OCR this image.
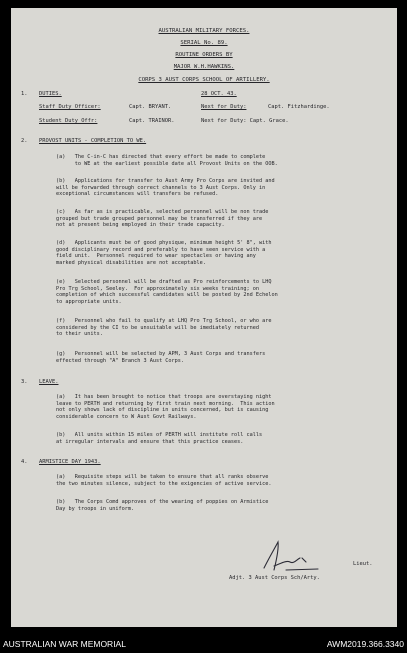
AUSTRALIAN MILITARY FORCES.
SERIAL No. 89.
ROUTINE ORDERS BY
MAJOR W.H.HAWKINS.
CORPS 3 AUST CORPS SCHOOL OF ARTILLERY.
1. DUTIES.	28 OCT. 43.
Staff Duty Officer:	Capt. BRYANT.	Next for Duty:	Capt. Fitzhardinge.
Student Duty Offr:	Capt. TRAINOR.	Next for Duty: Capt. Grace.
2. PROVOST UNITS - COMPLETION TO WE.
(a)   The C-in-C has directed that every effort be made to complete
to WE at the earliest possible date all Provost Units on the OOB.
(b)   Applications for transfer to Aust Army Pro Corps are invited and
will be forwarded through correct channels to 3 Aust Corps. Only in
exceptional circumstances will transfers be refused.
(c)   As far as is practicable, selected personnel will be non trade
grouped but trade grouped personnel may be transferred if they are
not at present being employed in their trade capacity.
(d)   Applicants must be of good physique, minimum height 5' 8", with
good disciplinary record and preferably to have seen service with a
field unit.  Personnel required to wear spectacles or having any
marked physical disabilities are not acceptable.
(e)   Selected personnel will be drafted as Pro reinforcements to LHQ
Pro Trg School, Seeley.  For approximately six weeks training; on
completion of which successful candidates will be posted by 2nd Echelon
to appropriate units.
(f)   Personnel who fail to qualify at LHQ Pro Trg School, or who are
considered by the CI to be unsuitable will be imediately returned
to their units.
(g)   Personnel will be selected by APM, 3 Aust Corps and transfers
effected through "A" Branch 3 Aust Corps.
3. LEAVE.
(a)   It has been brought to notice that troops are overstaying night
leave to PERTH and returning by first train next morning.  This action
not only shows lack of discipline in units concerned, but is causing
considerable concern to W Aust Govt Railways.
(b)   All units within 15 miles of PERTH will institute roll calls
at irregular intervals and ensure that this practice ceases.
4. ARMISTICE DAY 1943.
(a)   Requisite steps will be taken to ensure that all ranks observe
the two minutes silence, subject to the exigencies of active service.
(b)   The Corps Comd approves of the wearing of poppies on Armistice
Day by troops in uniform.
Lieut.
Adjt. 3 Aust Corps Sch/Arty.
AUSTRALIAN WAR MEMORIAL	AWM2019.366.3340
